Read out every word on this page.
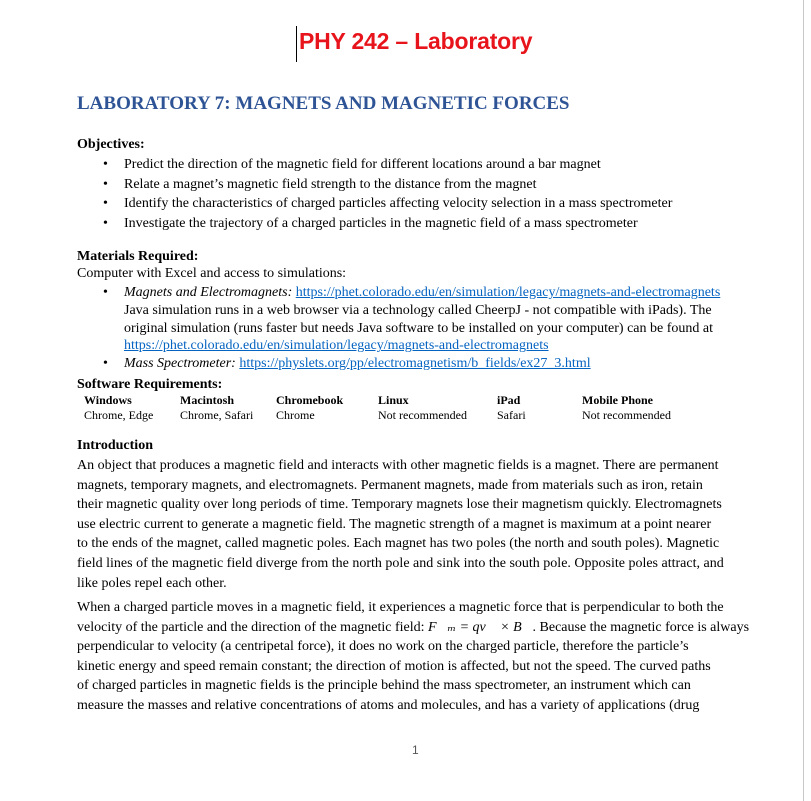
PHY 242 – Laboratory
LABORATORY 7: MAGNETS AND MAGNETIC FORCES
Objectives:
• Predict the direction of the magnetic field for different locations around a bar magnet
• Relate a magnet’s magnetic field strength to the distance from the magnet
• Identify the characteristics of charged particles affecting velocity selection in a mass spectrometer
• Investigate the trajectory of a charged particles in the magnetic field of a mass spectrometer
Materials Required:
Computer with Excel and access to simulations:
• Magnets and Electromagnets: https://phet.colorado.edu/en/simulation/legacy/magnets-and-electromagnets
Java simulation runs in a web browser via a technology called CheerpJ - not compatible with iPads). The
original simulation (runs faster but needs Java software to be installed on your computer) can be found at
https://phet.colorado.edu/en/simulation/legacy/magnets-and-electromagnets
• Mass Spectrometer: https://physlets.org/pp/electromagnetism/b_fields/ex27_3.html
Software Requirements:
Windows
Chrome, Edge
Macintosh
Chrome, Safari
Chromebook
Chrome
Linux
Not recommended
iPad
Safari
Mobile Phone
Not recommended
Introduction
An object that produces a magnetic field and interacts with other magnetic fields is a magnet. There are permanent
magnets, temporary magnets, and electromagnets. Permanent magnets, made from materials such as iron, retain
their magnetic quality over long periods of time. Temporary magnets lose their magnetism quickly. Electromagnets
use electric current to generate a magnetic field. The magnetic strength of a magnet is maximum at a point nearer
to the ends of the magnet, called magnetic poles. Each magnet has two poles (the north and south poles). Magnetic
field lines of the magnetic field diverge from the north pole and sink into the south pole. Opposite poles attract, and
like poles repel each other.
When a charged particle moves in a magnetic field, it experiences a magnetic force that is perpendicular to both the
velocity of the particle and the direction of the magnetic field: F⃗ₘ = qv⃗ × B⃗. Because the magnetic force is always
perpendicular to velocity (a centripetal force), it does no work on the charged particle, therefore the particle’s
kinetic energy and speed remain constant; the direction of motion is affected, but not the speed. The curved paths
of charged particles in magnetic fields is the principle behind the mass spectrometer, an instrument which can
measure the masses and relative concentrations of atoms and molecules, and has a variety of applications (drug
1
